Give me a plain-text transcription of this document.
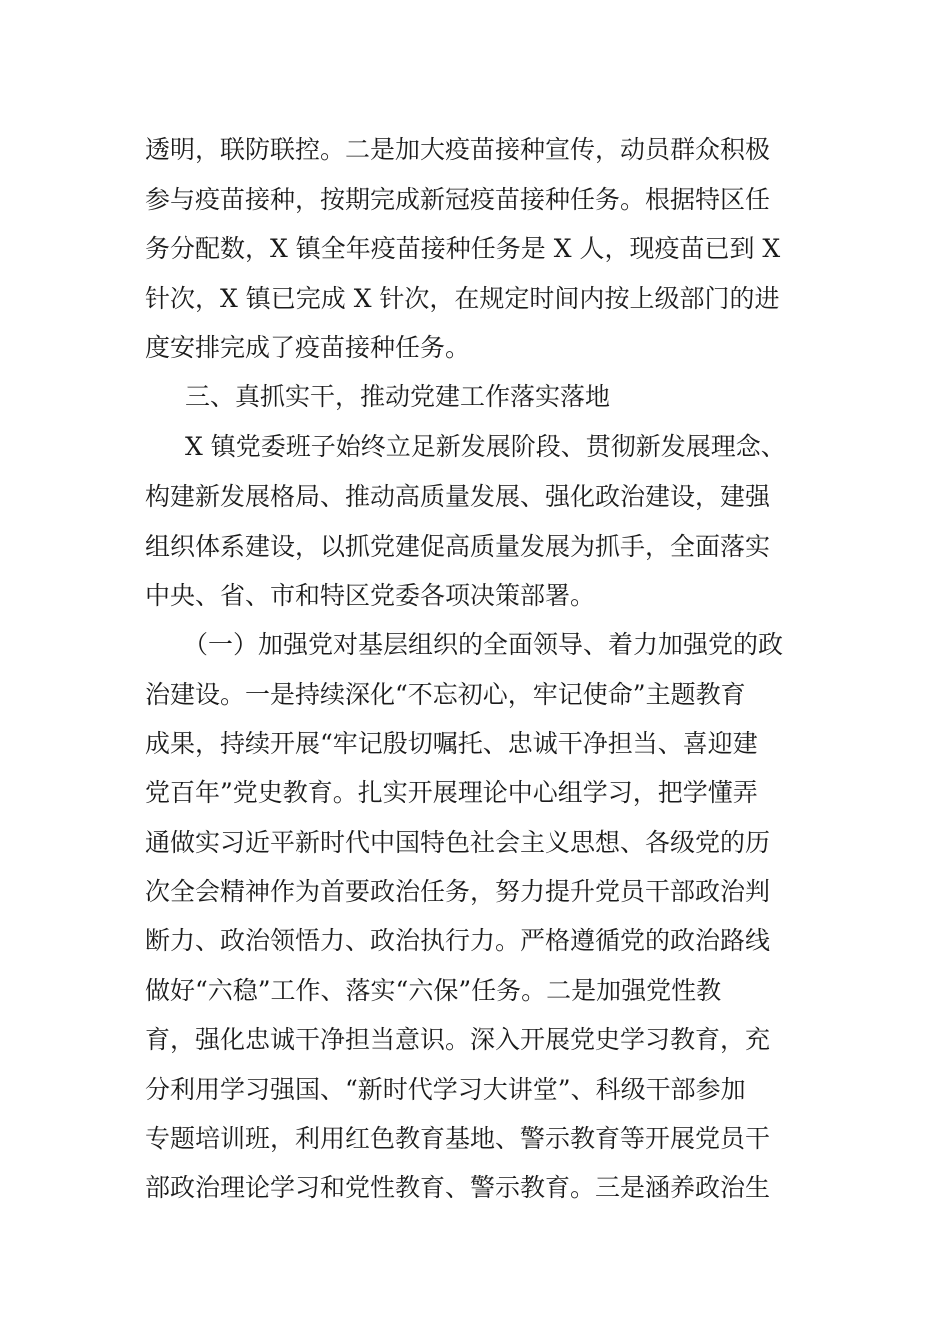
透明，联防联控。二是加大疫苗接种宣传，动员群众积极

参与疫苗接种，按期完成新冠疫苗接种任务。根据特区任

务分配数，X 镇全年疫苗接种任务是 X 人，现疫苗已到 X

针次，X 镇已完成 X 针次，在规定时间内按上级部门的进

度安排完成了疫苗接种任务。

三、真抓实干，推动党建工作落实落地

X 镇党委班子始终立足新发展阶段、贯彻新发展理念、

构建新发展格局、推动高质量发展、强化政治建设，建强

组织体系建设，以抓党建促高质量发展为抓手，全面落实

中央、省、市和特区党委各项决策部署。

（一）加强党对基层组织的全面领导、着力加强党的政

治建设。一是持续深化“不忘初心，牢记使命”主题教育

成果，持续开展“牢记殷切嘱托、忠诚干净担当、喜迎建

党百年”党史教育。扎实开展理论中心组学习，把学懂弄

通做实习近平新时代中国特色社会主义思想、各级党的历

次全会精神作为首要政治任务，努力提升党员干部政治判

断力、政治领悟力、政治执行力。严格遵循党的政治路线

做好“六稳”工作、落实“六保”任务。二是加强党性教

育，强化忠诚干净担当意识。深入开展党史学习教育，充

分利用学习强国、“新时代学习大讲堂”、科级干部参加

专题培训班，利用红色教育基地、警示教育等开展党员干

部政治理论学习和党性教育、警示教育。三是涵养政治生
